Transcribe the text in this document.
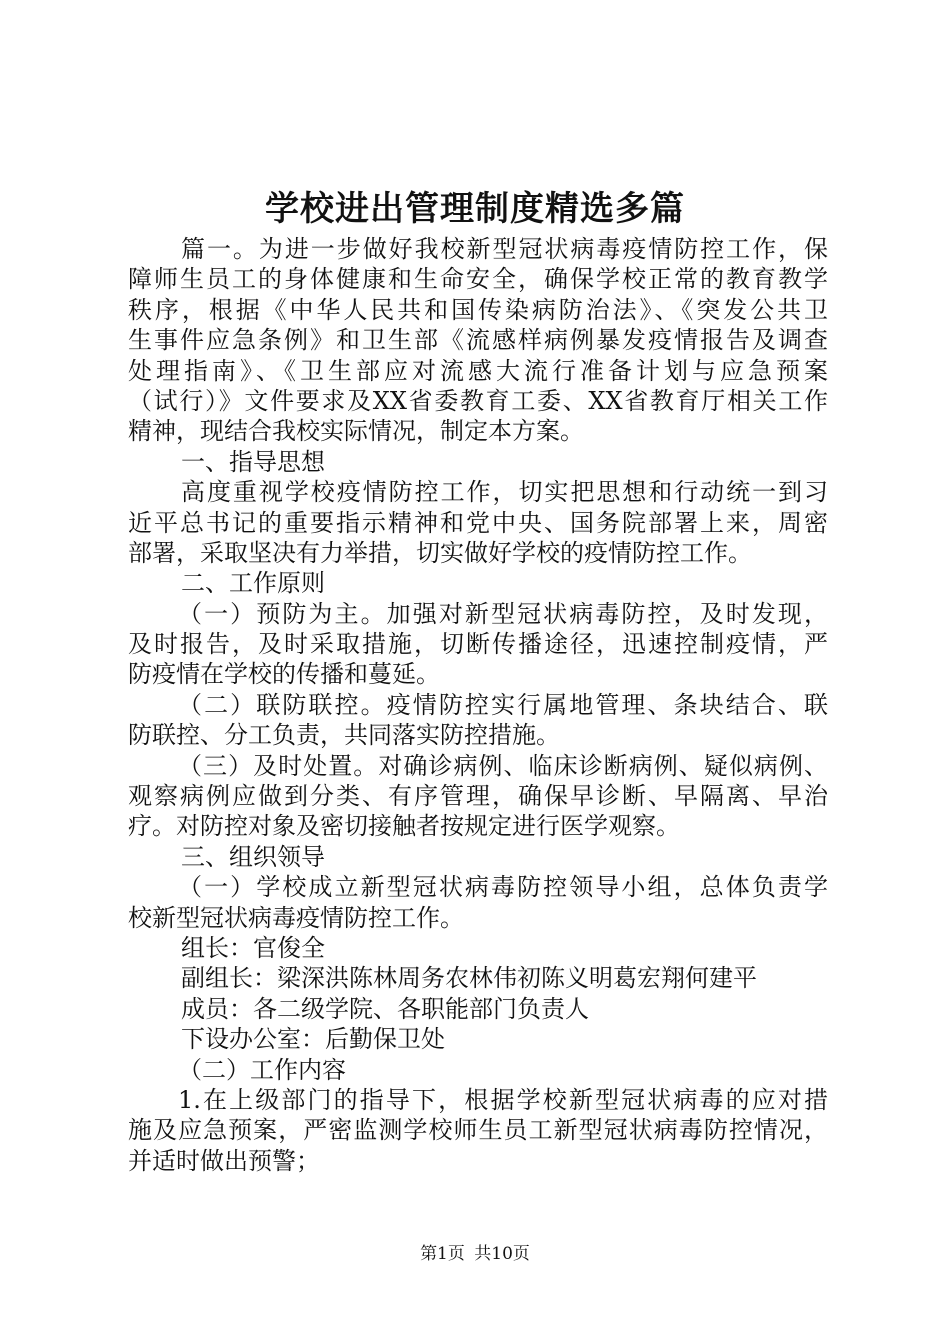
学校进出管理制度精选多篇
篇一。为进一步做好我校新型冠状病毒疫情防控工作，保
障师生员工的身体健康和生命安全，确保学校正常的教育教学
秩序，根据《中华人民共和国传染病防治法》、《突发公共卫
生事件应急条例》和卫生部《流感样病例暴发疫情报告及调查
处理指南》、《卫生部应对流感大流行准备计划与应急预案
（试行）》文件要求及XX省委教育工委、XX省教育厅相关工作
精神，现结合我校实际情况，制定本方案。
一、指导思想
高度重视学校疫情防控工作，切实把思想和行动统一到习
近平总书记的重要指示精神和党中央、国务院部署上来，周密
部署，采取坚决有力举措，切实做好学校的疫情防控工作。
二、工作原则
（一）预防为主。加强对新型冠状病毒防控，及时发现，
及时报告，及时采取措施，切断传播途径，迅速控制疫情，严
防疫情在学校的传播和蔓延。
（二）联防联控。疫情防控实行属地管理、条块结合、联
防联控、分工负责，共同落实防控措施。
（三）及时处置。对确诊病例、临床诊断病例、疑似病例、
观察病例应做到分类、有序管理，确保早诊断、早隔离、早治
疗。对防控对象及密切接触者按规定进行医学观察。
三、组织领导
（一）学校成立新型冠状病毒防控领导小组，总体负责学
校新型冠状病毒疫情防控工作。
组长：官俊全
副组长：梁深洪陈林周务农林伟初陈义明葛宏翔何建平
成员：各二级学院、各职能部门负责人
下设办公室：后勤保卫处
（二）工作内容
1.在上级部门的指导下，根据学校新型冠状病毒的应对措
施及应急预案，严密监测学校师生员工新型冠状病毒防控情况，
并适时做出预警；
第1页 共10页
